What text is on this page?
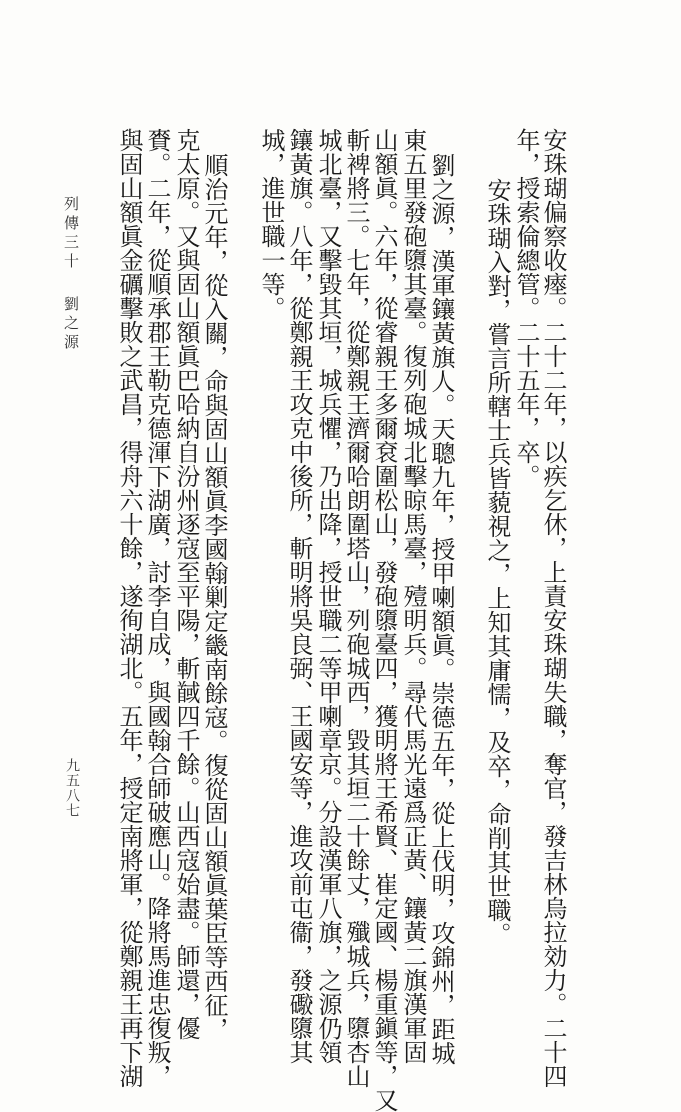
安珠瑚偏察收瘞。二十二年，以疾乞休，上責安珠瑚失職，奪官，發吉林烏拉効力。二十四
年，授索倫總管。二十五年，卒。
安珠瑚入對，嘗言所轄士兵皆藐視之，上知其庸懦，及卒，命削其世職。
劉之源，漢軍鑲黃旗人。天聰九年，授甲喇額眞。崇德五年，從上伐明，攻錦州，距城
東五里發砲隳其臺。復列砲城北擊晾馬臺，殪明兵。尋代馬光遠爲正黃、鑲黃二旗漢軍固
山額眞。六年，從睿親王多爾袞圍松山，發砲隳臺四，獲明將王希賢、崔定國、楊重鎭等，又
斬裨將三。七年，從鄭親王濟爾哈朗圍塔山，列砲城西，毀其垣二十餘丈，殲城兵，隳杏山
城北臺，又擊毀其垣，城兵懼，乃出降，授世職二等甲喇章京。分設漢軍八旗，之源仍領
鑲黃旗。八年，從鄭親王攻克中後所，斬明將吳良弼、王國安等，進攻前屯衞，發礮隳其
城，進世職一等。
順治元年，從入關，命與固山額眞李國翰剿定畿南餘寇。復從固山額眞葉臣等西征，
克太原。又與固山額眞巴哈納自汾州逐寇至平陽，斬馘四千餘。山西寇始盡。師還，優
賚。二年，從順承郡王勒克德渾下湖廣，討李自成，與國翰合師破應山。降將馬進忠復叛，
與固山額眞金礪擊敗之武昌，得舟六十餘，遂徇湖北。五年，授定南將軍，從鄭親王再下湖
列傳三十
劉之源
九五八七
